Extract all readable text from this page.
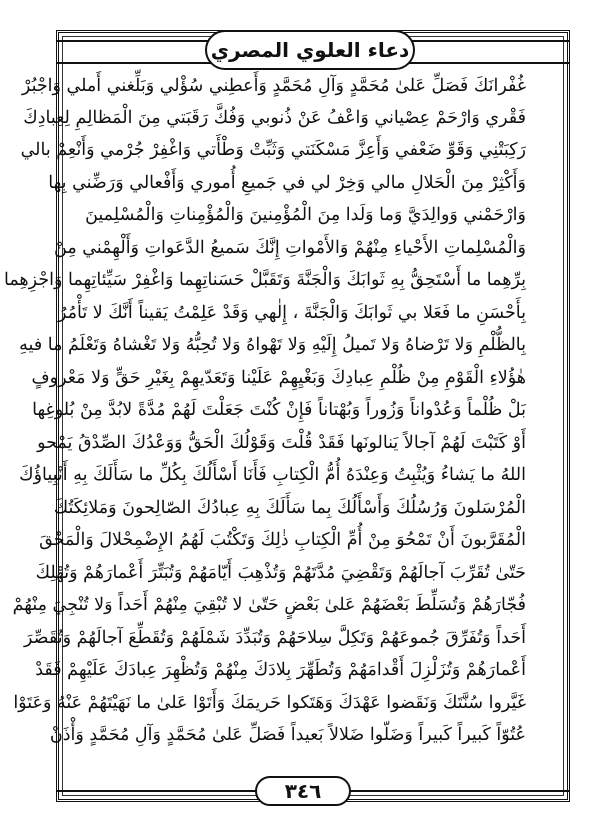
دعاء العلوي المصري
غُفْرانَكَ فَصَلِّ عَلىٰ مُحَمَّدٍ وَآلِ مُحَمَّدٍ وَأَعطِني سُؤْلي وَبَلِّغني أَملي وَاجْبُرْ
فَقْري وَارْحَمْ عِصْياني وَاعْفُ عَنْ ذُنوبي وَفُكَّ رَقَبَتي مِنَ الْمَظالِمِ لِعِبادِكَ
رَكِبَتْنِي وَقَوِّ ضَعْفي وَأَعِزَّ مَسْكَنَتي وَثَبِّتْ وَطْأَتي وَاغْفِرْ جُرْمي وَأَنْعِمْ بالي
وَأَكْثِرْ مِنَ الْحَلالِ مالي وَخِرْ لي في جَميعِ أُموري وَأَفْعالي وَرَضِّني بِها
وَارْحَمْني وَوالِدَيَّ وَما وَلَدا مِنَ الْمُؤْمِنينَ وَالْمُؤْمِناتِ وَالْمُسْلِمينَ
وَالْمُسْلِماتِ الأَحْياءِ مِنْهُمْ وَالأَمْواتِ إِنَّكَ سَميعُ الدَّعَواتِ وَأَلْهِمْني مِنْ
بِرِّهِما ما أَسْتَحِقُّ بِهِ ثَوابَكَ وَالْجَنَّةَ وَتَقَبَّلْ حَسَناتِهِما وَاغْفِرْ سَيِّئاتِهِما وَاجْزِهِما
بِأَحْسَنِ ما فَعَلا بي ثَوابَكَ وَالْجَنَّةَ ، إِلٰهي وَقَدْ عَلِمْتُ يَقيناً أَنَّكَ لا تَأْمُرُ
بِالظُّلْمِ وَلا تَرْضاهُ وَلا تَميلُ إِلَيْهِ وَلا تَهْواهُ وَلا تُحِبُّهُ وَلا تَغْشاهُ وَتَعْلَمُ ما فيهِ
هٰؤُلاءِ الْقَوْمِ مِنْ ظُلْمِ عِبادِكَ وَبَغْيِهِمْ عَلَيْنا وَتَعَدّيهِمْ بِغَيْرِ حَقٍّ وَلا مَعْروفٍ
بَلْ ظُلْماً وَعُدْواناً وَزُوراً وَبُهْتاناً فَإِنْ كُنْتَ جَعَلْتَ لَهُمْ مُدَّةً لابُدَّ مِنْ بُلوغِها
أَوْ كَتَبْتَ لَهُمْ آجالاً يَنالونَها فَقَدْ قُلْتَ وَقَوْلُكَ الْحَقُّ وَوَعْدُكَ الصِّدْقُ يَمْحو
اللهُ ما يَشاءُ وَيُثْبِتُ وَعِنْدَهُ أُمُّ الْكِتابِ فَأَنَا أَسْأَلُكَ بِكُلِّ ما سَأَلَكَ بِهِ أَنْبِياؤُكَ
الْمُرْسَلونَ وَرُسُلُكَ وَأَسْأَلُكَ بِما سَأَلَكَ بِهِ عِبادُكَ الصّالِحونَ وَمَلائِكَتُكَ
الْمُقَرَّبونَ أَنْ تَمْحُوَ مِنْ أُمِّ الْكِتابِ ذٰلِكَ وَتَكْتُبَ لَهُمُ الإِضْمِحْلالَ وَالْمَحْقَ
حَتّىٰ تُقَرِّبَ آجالَهُمْ وَتَقْضِيَ مُدَّتَهُمْ وَتُذْهِبَ أَيّامَهُمْ وَتُبَتِّرَ أَعْمارَهُمْ وَتُهْلِكَ
فُجّارَهُمْ وَتُسَلِّطَ بَعْضَهُمْ عَلىٰ بَعْضٍ حَتّىٰ لا تُبْقِيَ مِنْهُمْ أَحَداً وَلا تُنْجِيَ مِنْهُمْ
أَحَداً وَتُفَرِّقَ جُموعَهُمْ وَتَكِلَّ سِلاحَهُمْ وَتُبَدِّدَ شَمْلَهُمْ وَتُقَطِّعَ آجالَهُمْ وَتُقَصِّرَ
أَعْمارَهُمْ وَتُزَلْزِلَ أَقْدامَهُمْ وَتُطَهِّرَ بِلادَكَ مِنْهُمْ وَتُظْهِرَ عِبادَكَ عَلَيْهِمْ فَقَدْ
غَيَّروا سُنَّتَكَ وَنَقَضوا عَهْدَكَ وَهَتَكوا حَريمَكَ وَأَتَوْا عَلىٰ ما نَهَيْتَهُمْ عَنْهُ وَعَتَوْا
عُتُوّاً كَبيراً كَبيراً وَضَلّوا ضَلالاً بَعيداً فَصَلِّ عَلىٰ مُحَمَّدٍ وَآلِ مُحَمَّدٍ وَأْذَنْ
٣٤٦
